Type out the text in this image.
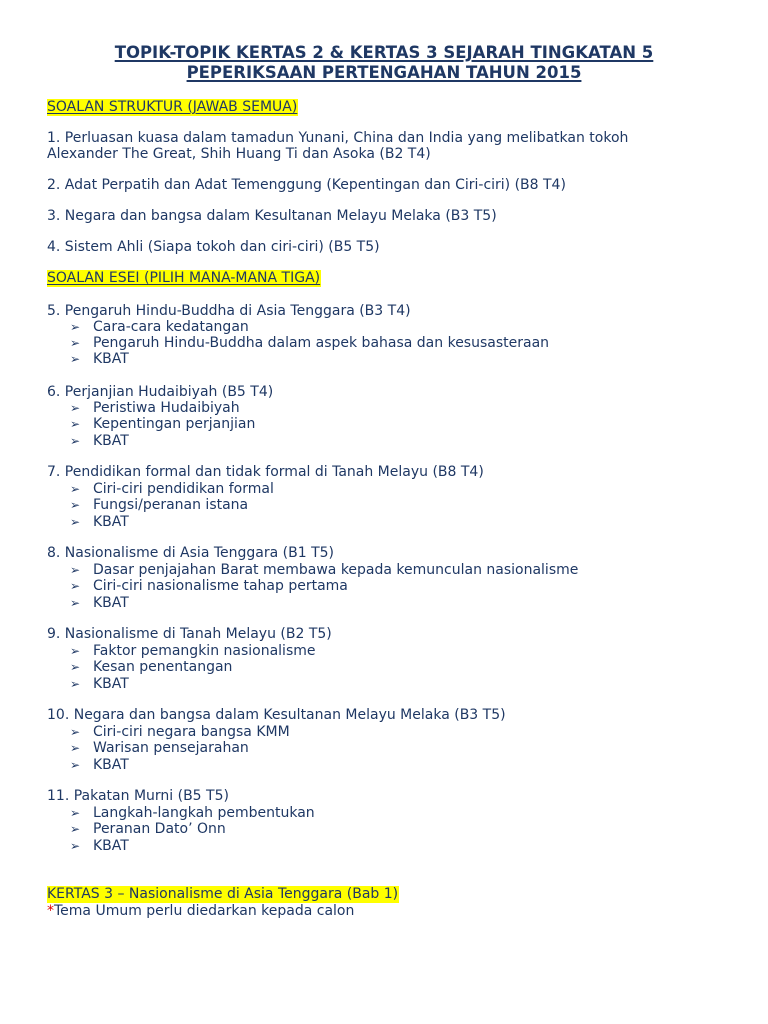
TOPIK-TOPIK KERTAS 2 & KERTAS 3 SEJARAH TINGKATAN 5
PEPERIKSAAN PERTENGAHAN TAHUN 2015
SOALAN STRUKTUR (JAWAB SEMUA)
1. Perluasan kuasa dalam tamadun Yunani, China dan India yang melibatkan tokoh
Alexander The Great, Shih Huang Ti dan Asoka (B2 T4)
2. Adat Perpatih dan Adat Temenggung (Kepentingan dan Ciri-ciri) (B8 T4)
3. Negara dan bangsa dalam Kesultanan Melayu Melaka (B3 T5)
4. Sistem Ahli (Siapa tokoh dan ciri-ciri) (B5 T5)
SOALAN ESEI (PILIH MANA-MANA TIGA)
5. Pengaruh Hindu-Buddha di Asia Tenggara (B3 T4)
➢ Cara-cara kedatangan
➢ Pengaruh Hindu-Buddha dalam aspek bahasa dan kesusasteraan
➢ KBAT
6. Perjanjian Hudaibiyah (B5 T4)
➢ Peristiwa Hudaibiyah
➢ Kepentingan perjanjian
➢ KBAT
7. Pendidikan formal dan tidak formal di Tanah Melayu (B8 T4)
➢ Ciri-ciri pendidikan formal
➢ Fungsi/peranan istana
➢ KBAT
8. Nasionalisme di Asia Tenggara (B1 T5)
➢ Dasar penjajahan Barat membawa kepada kemunculan nasionalisme
➢ Ciri-ciri nasionalisme tahap pertama
➢ KBAT
9. Nasionalisme di Tanah Melayu (B2 T5)
➢ Faktor pemangkin nasionalisme
➢ Kesan penentangan
➢ KBAT
10. Negara dan bangsa dalam Kesultanan Melayu Melaka (B3 T5)
➢ Ciri-ciri negara bangsa KMM
➢ Warisan pensejarahan
➢ KBAT
11. Pakatan Murni (B5 T5)
➢ Langkah-langkah pembentukan
➢ Peranan Dato’ Onn
➢ KBAT
KERTAS 3 – Nasionalisme di Asia Tenggara (Bab 1)
*Tema Umum perlu diedarkan kepada calon
